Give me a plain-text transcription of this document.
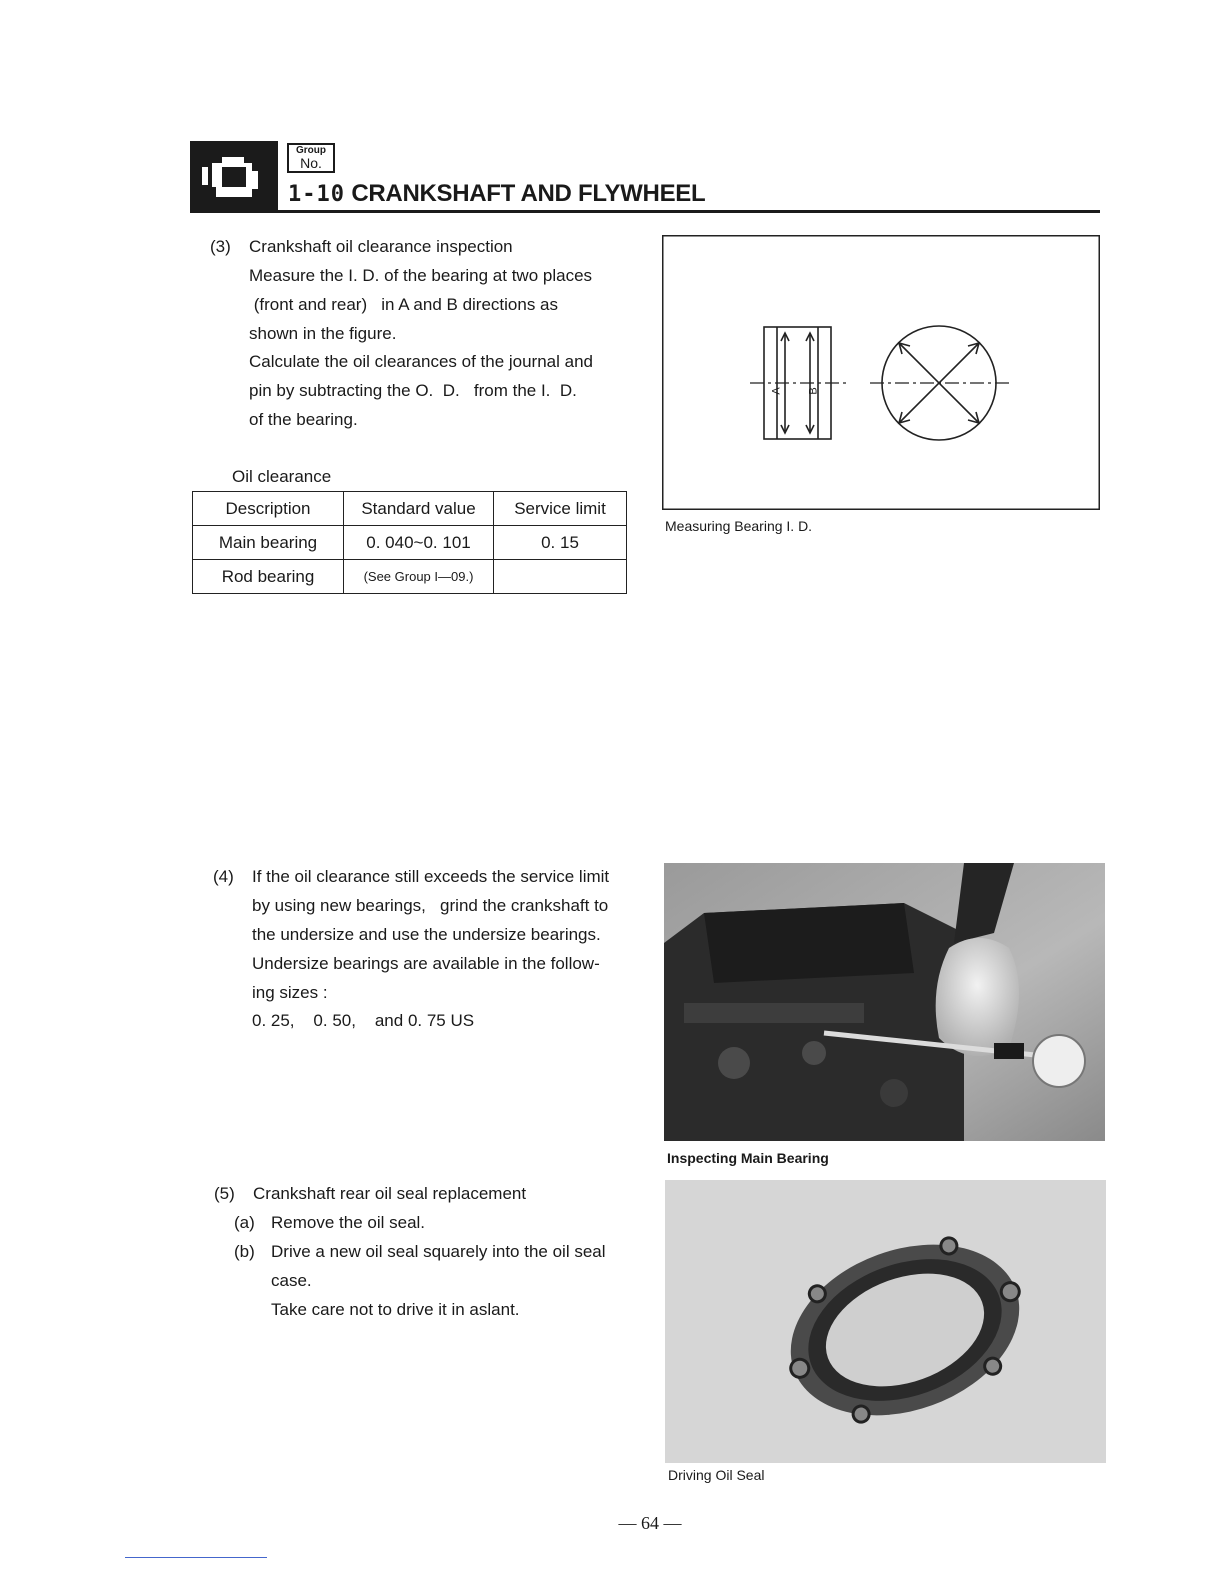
Group
No.
1-10 CRANKSHAFT AND FLYWHEEL
(3) Crankshaft oil clearance inspection
Measure the I. D. of the bearing at two places
(front and rear)   in A and B directions as
shown in the figure.
Calculate the oil clearances of the journal and
pin by subtracting the O.  D.   from the I.  D.
of the bearing.
Oil clearance
Description	Standard value	Service limit
Main bearing	0. 040~0. 101	0. 15
Rod bearing	(See Group I—09.)	
A B
Measuring Bearing I. D.
(4) If the oil clearance still exceeds the service limit
by using new bearings,   grind the crankshaft to
the undersize and use the undersize bearings.
Undersize bearings are available in the follow-
ing sizes :
0. 25,    0. 50,    and 0. 75 US
Inspecting Main Bearing
(5) Crankshaft rear oil seal replacement
(a) Remove the oil seal.
(b) Drive a new oil seal squarely into the oil seal
case.
Take care not to drive it in aslant.
Driving Oil Seal
— 64 —
